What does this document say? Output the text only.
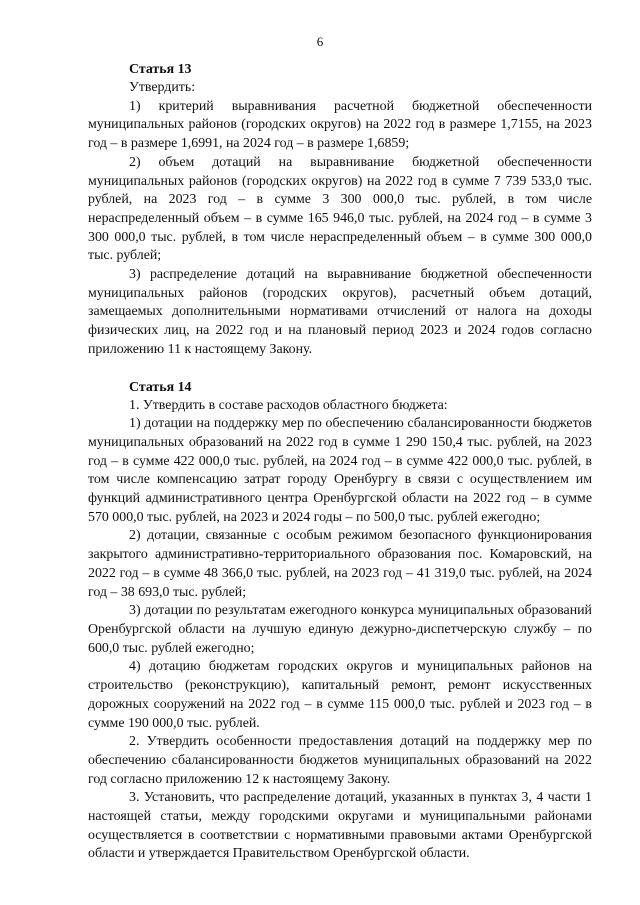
6

Статья 13

Утвердить:

1) критерий выравнивания расчетной бюджетной обеспеченности муниципальных районов (городских округов) на 2022 год в размере 1,7155, на 2023 год – в размере 1,6991, на 2024 год – в размере 1,6859;

2) объем дотаций на выравнивание бюджетной обеспеченности муниципальных районов (городских округов) на 2022 год в сумме 7 739 533,0 тыс. рублей, на 2023 год – в сумме 3 300 000,0 тыс. рублей, в том числе нераспределенный объем – в сумме 165 946,0 тыс. рублей, на 2024 год – в сумме 3 300 000,0 тыс. рублей, в том числе нераспределенный объем – в сумме 300 000,0 тыс. рублей;

3) распределение дотаций на выравнивание бюджетной обеспеченности муниципальных районов (городских округов), расчетный объем дотаций, замещаемых дополнительными нормативами отчислений от налога на доходы физических лиц, на 2022 год и на плановый период 2023 и 2024 годов согласно приложению 11 к настоящему Закону.

Статья 14

1. Утвердить в составе расходов областного бюджета:

1) дотации на поддержку мер по обеспечению сбалансированности бюджетов муниципальных образований на 2022 год в сумме 1 290 150,4 тыс. рублей, на 2023 год – в сумме 422 000,0 тыс. рублей, на 2024 год – в сумме 422 000,0 тыс. рублей, в том числе компенсацию затрат городу Оренбургу в связи с осуществлением им функций административного центра Оренбургской области на 2022 год – в сумме 570 000,0 тыс. рублей, на 2023 и 2024 годы – по 500,0 тыс. рублей ежегодно;

2) дотации, связанные с особым режимом безопасного функционирования закрытого административно-территориального образования пос. Комаровский, на 2022 год – в сумме 48 366,0 тыс. рублей, на 2023 год – 41 319,0 тыс. рублей, на 2024 год – 38 693,0 тыс. рублей;

3) дотации по результатам ежегодного конкурса муниципальных образований Оренбургской области на лучшую единую дежурно-диспетчерскую службу – по 600,0 тыс. рублей ежегодно;

4) дотацию бюджетам городских округов и муниципальных районов на строительство (реконструкцию), капитальный ремонт, ремонт искусственных дорожных сооружений на 2022 год – в сумме 115 000,0 тыс. рублей и 2023 год – в сумме 190 000,0 тыс. рублей.

2. Утвердить особенности предоставления дотаций на поддержку мер по обеспечению сбалансированности бюджетов муниципальных образований на 2022 год согласно приложению 12 к настоящему Закону.

3. Установить, что распределение дотаций, указанных в пунктах 3, 4 части 1 настоящей статьи, между городскими округами и муниципальными районами осуществляется в соответствии с нормативными правовыми актами Оренбургской области и утверждается Правительством Оренбургской области.
